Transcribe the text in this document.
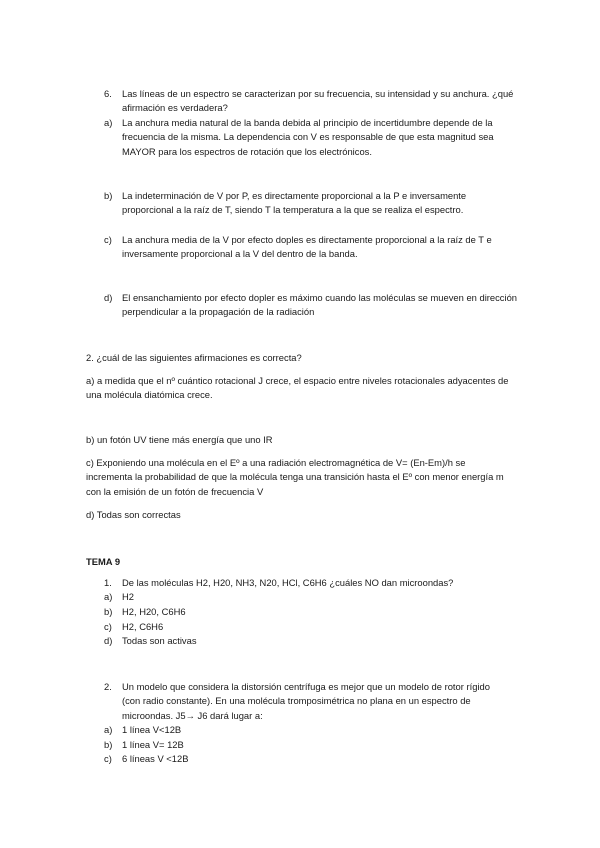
6. Las líneas de un espectro se caracterizan por su frecuencia, su intensidad y su anchura. ¿qué afirmación es verdadera?
a) La anchura media natural de la banda debida al principio de incertidumbre depende de la frecuencia de la misma. La dependencia con V es responsable de que esta magnitud sea MAYOR para los espectros de rotación que los electrónicos.
b) La indeterminación de V por P, es directamente proporcional a la P e inversamente proporcional a la raíz de T, siendo T la temperatura a la que se realiza el espectro.
c) La anchura media de la V por efecto doples es directamente proporcional a la raíz de T e inversamente proporcional a la V del dentro de la banda.
d) El ensanchamiento por efecto dopler es máximo cuando las moléculas se mueven en dirección perpendicular a la propagación de la radiación
2. ¿cuál de las siguientes afirmaciones es correcta?
a) a medida que el nº cuántico rotacional J crece, el espacio entre niveles rotacionales adyacentes de una molécula diatómica crece.
b) un fotón UV tiene más energía que uno IR
c) Exponiendo una molécula en el Eº a una radiación electromagnética de V= (En-Em)/h se incrementa la probabilidad de que la molécula tenga una transición hasta el Eº con menor energía m con la emisión de un fotón de frecuencia V
d) Todas son correctas
TEMA 9
1. De las moléculas H2, H20, NH3, N20, HCl, C6H6 ¿cuáles NO dan microondas?
a) H2
b) H2, H20, C6H6
c) H2, C6H6
d) Todas son activas
2. Un modelo que considera la distorsión centrífuga es mejor que un modelo de rotor rígido (con radio constante). En una molécula tromposimétrica no plana en un espectro de microondas. J5→ J6 dará lugar a:
a) 1 línea V<12B
b) 1 línea V= 12B
c) 6 líneas V <12B
